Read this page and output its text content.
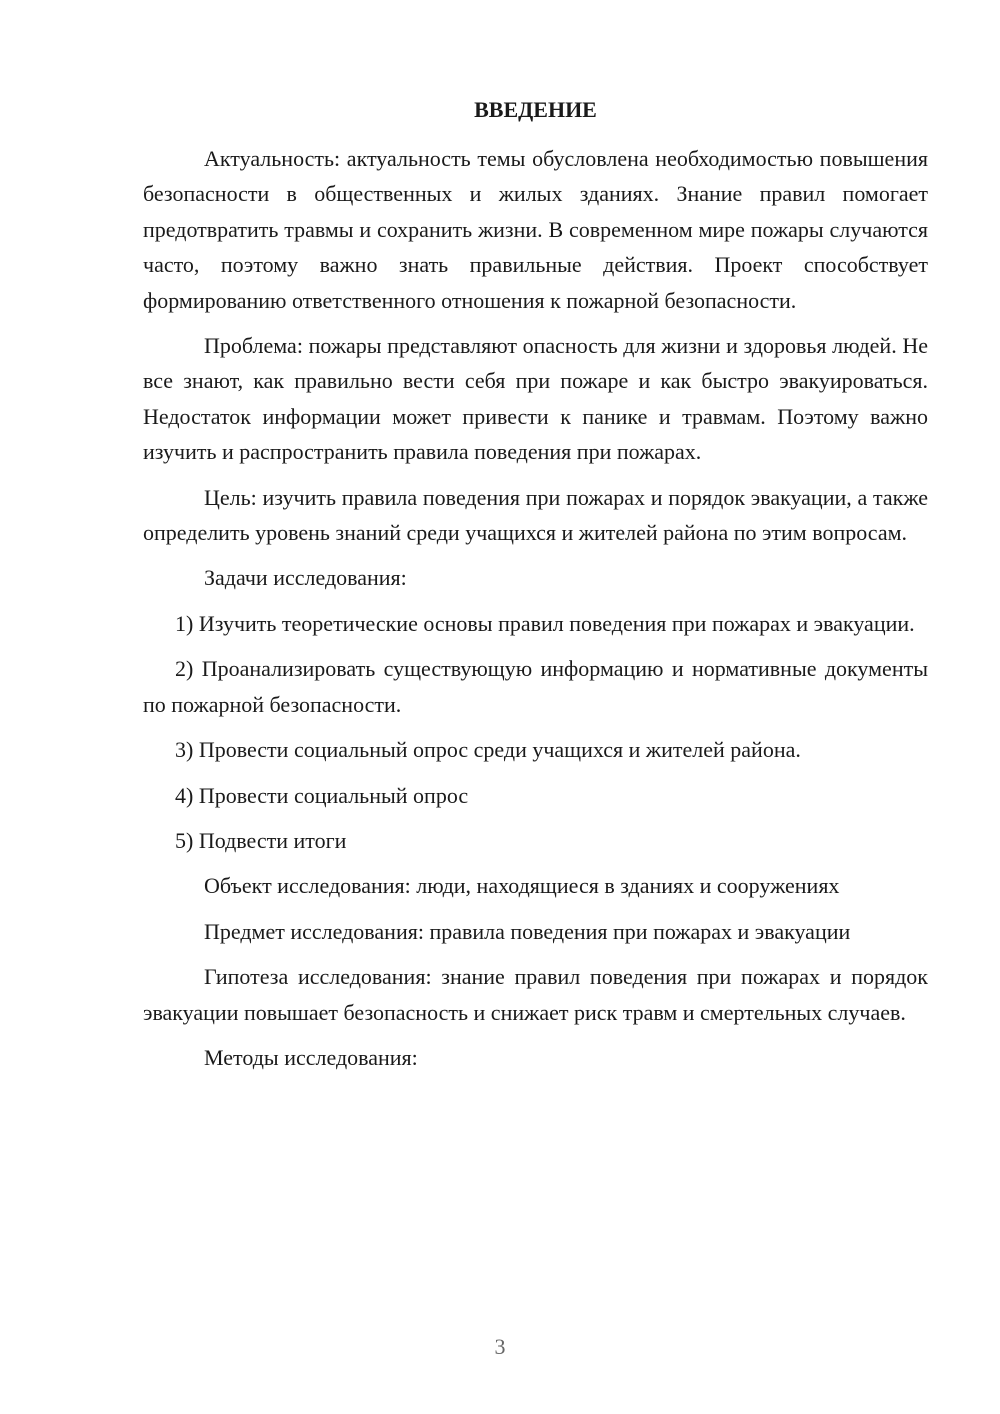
ВВЕДЕНИЕ

Актуальность: актуальность темы обусловлена необходимостью повышения безопасности в общественных и жилых зданиях. Знание правил помогает предотвратить травмы и сохранить жизни. В современном мире пожары случаются часто, поэтому важно знать правильные действия. Проект способствует формированию ответственного отношения к пожарной безопасности.

Проблема: пожары представляют опасность для жизни и здоровья людей. Не все знают, как правильно вести себя при пожаре и как быстро эвакуироваться. Недостаток информации может привести к панике и травмам. Поэтому важно изучить и распространить правила поведения при пожарах.

Цель: изучить правила поведения при пожарах и порядок эвакуации, а также определить уровень знаний среди учащихся и жителей района по этим вопросам.

Задачи исследования:

1) Изучить теоретические основы правил поведения при пожарах и эвакуации.

2) Проанализировать существующую информацию и нормативные документы по пожарной безопасности.

3) Провести социальный опрос среди учащихся и жителей района.

4) Провести социальный опрос

5) Подвести итоги

Объект исследования: люди, находящиеся в зданиях и сооружениях

Предмет исследования: правила поведения при пожарах и эвакуации

Гипотеза исследования: знание правил поведения при пожарах и порядок эвакуации повышает безопасность и снижает риск травм и смертельных случаев.

Методы исследования:

3
